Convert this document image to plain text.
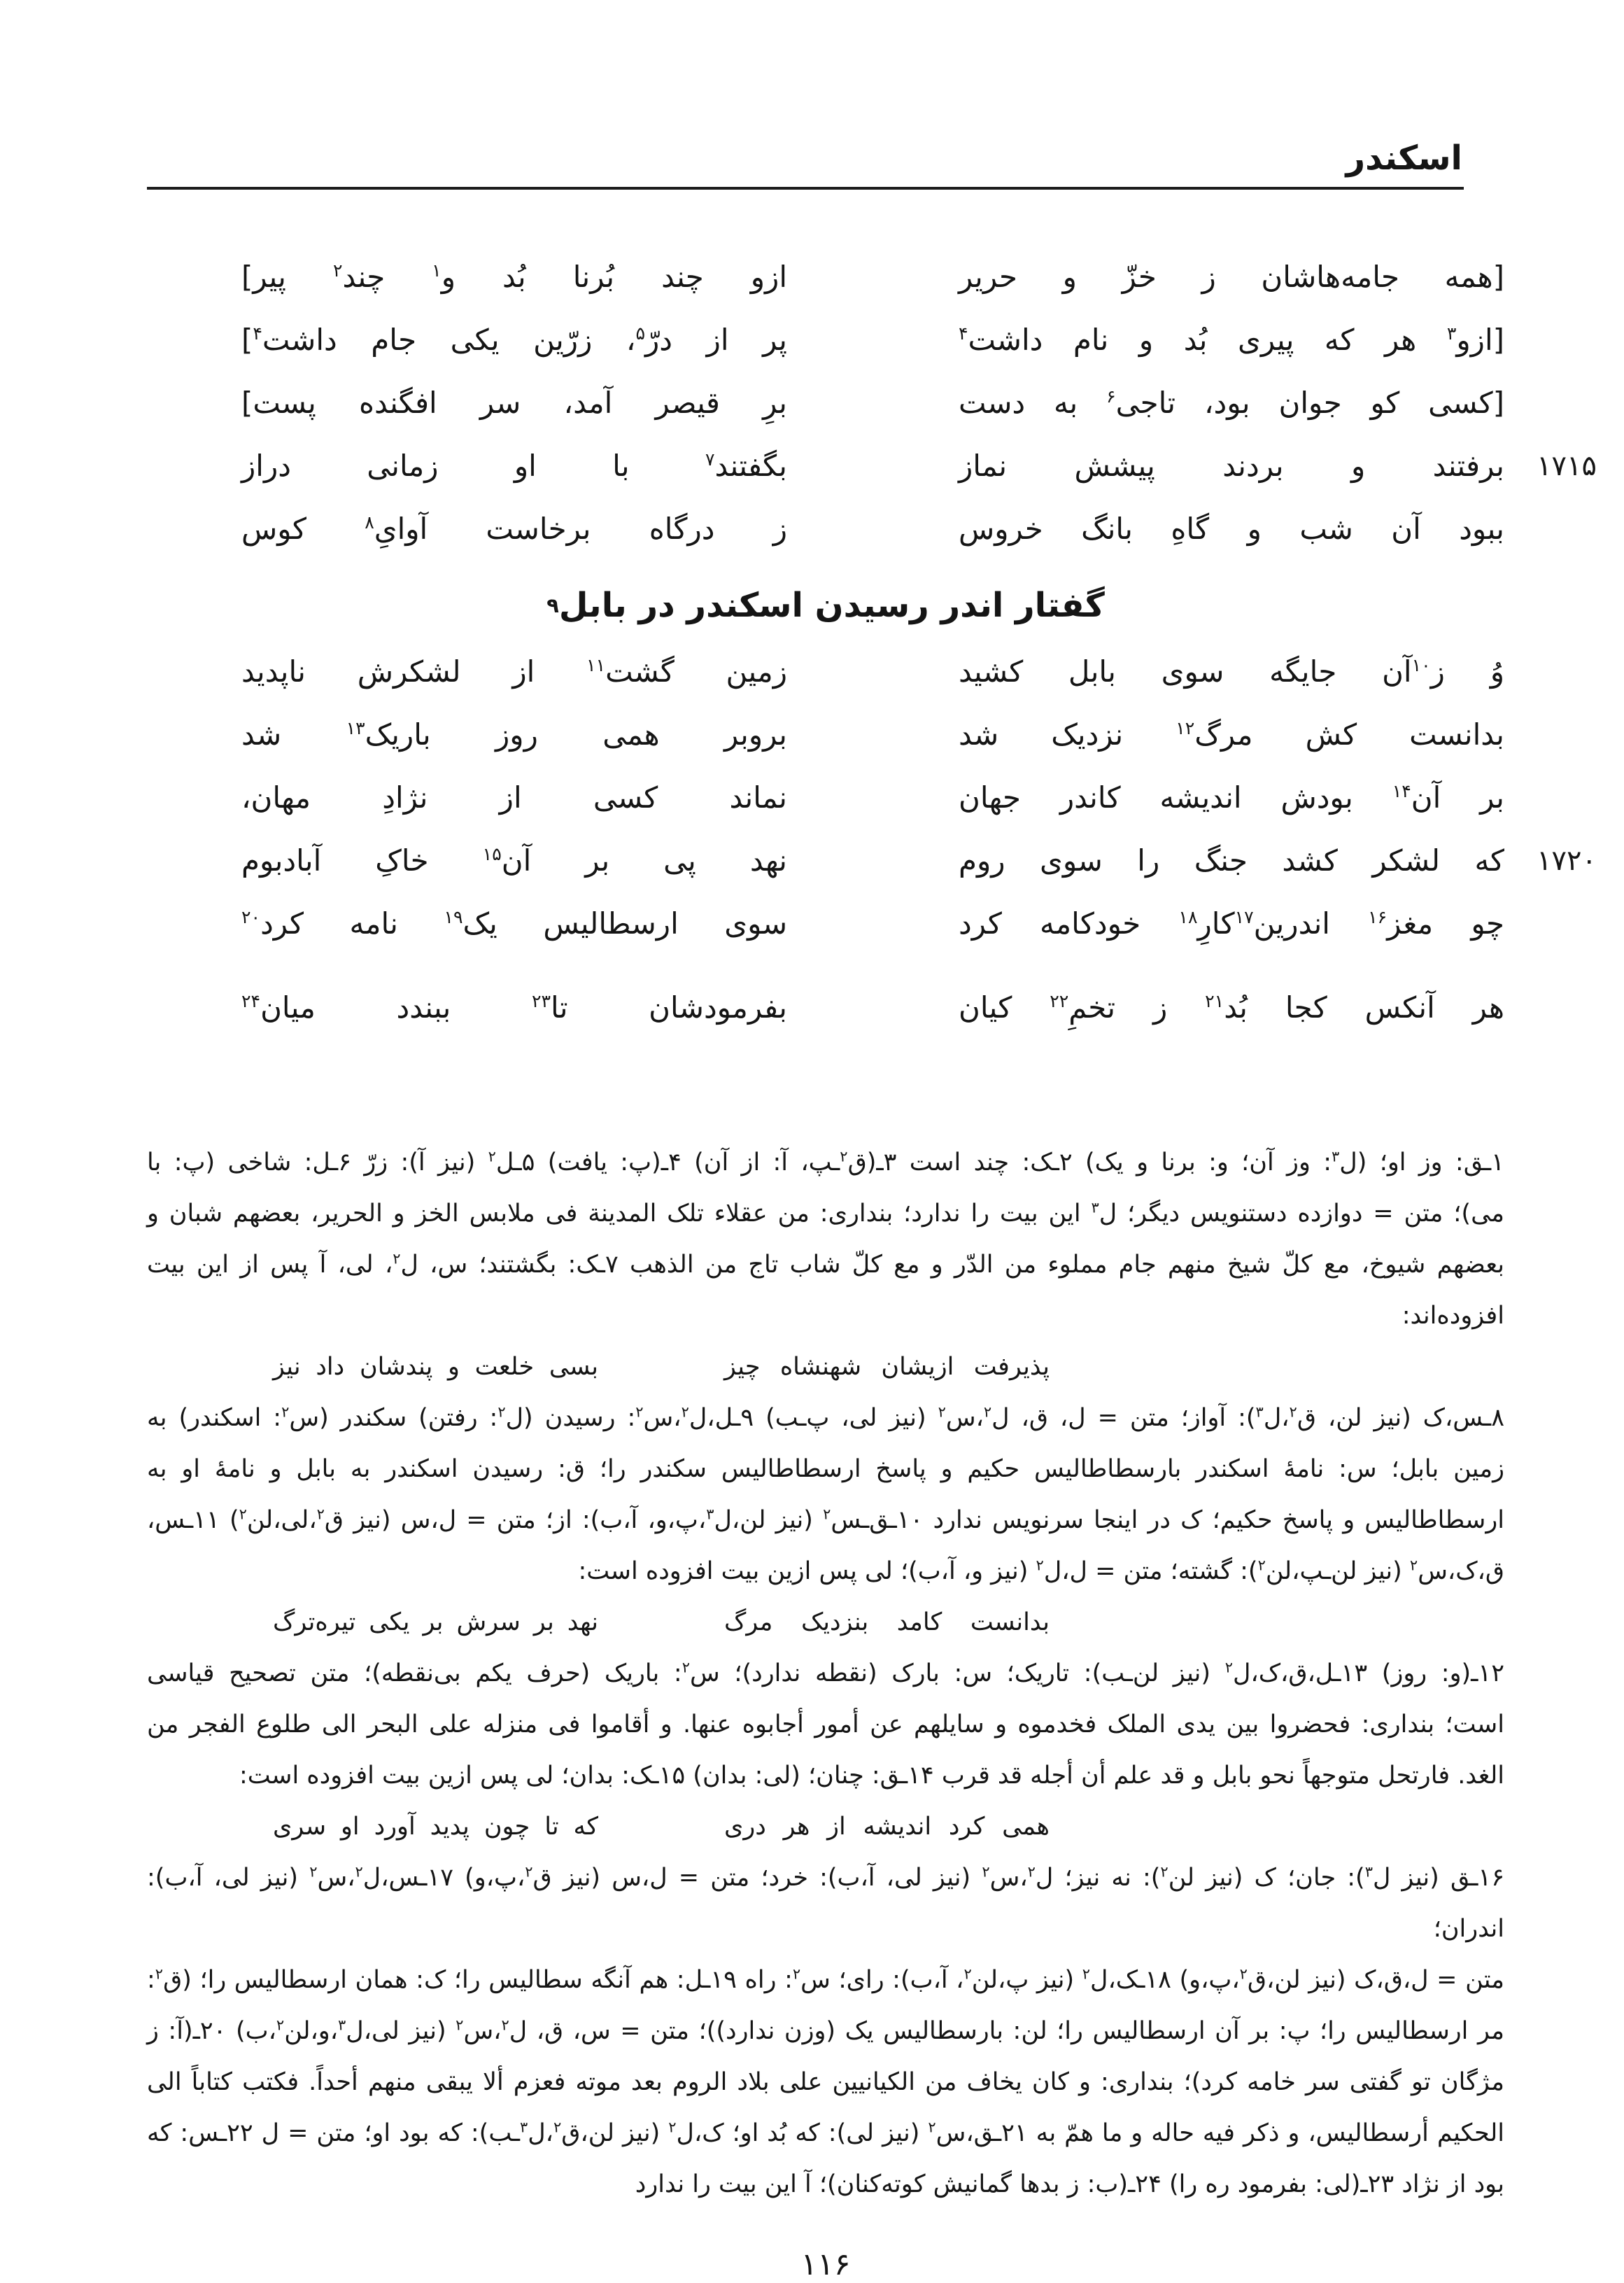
اسکندر
[همه جامه‌هاشان ز خزّ و حریر
ازو چند بُرنا بُد و$^۱$ چند$^۲$ پیر]
[ازو$^۳$ هر که پیری بُد و نام داشت$^۴$
پر از درّ$^۵$، زرّین یکی جام داشت$^۴$]
[کسی کو جوان بود، تاجی$^۶$ به دست
برِ قیصر آمد، سر افگنده پست]
۱۷۱۵
برفتند و بردند پیشش نماز
بگفتند$^۷$ با او زمانی دراز
ببود آن شب و گاهِ بانگ خروس
ز درگاه برخاست آوایِ$^۸$ کوس
گفتار اندر رسیدن اسکندر در بابل
۹
وُ ز$^{۱۰}$آن جایگه سوی بابل کشید
زمین گشت$^{۱۱}$ از لشکرش ناپدید
بدانست کش مرگ$^{۱۲}$ نزدیک شد
بروبر همی روز باریک$^{۱۳}$ شد
بر آن$^{۱۴}$ بودش اندیشه کاندر جهان
نماند کسی از نژادِ مهان،
۱۷۲۰
که لشکر کشد جنگ را سوی روم
نهد پی بر آن$^{۱۵}$ خاکِ آبادبوم
چو مغز$^{۱۶}$ اندرین$^{۱۷}$کارِ$^{۱۸}$ خودکامه کرد
سوی ارسطالیس یک$^{۱۹}$ نامه کرد$^{۲۰}$
هر آنکس کجا بُد$^{۲۱}$ ز تخمِ$^{۲۲}$ کیان
بفرمودشان تا$^{۲۳}$ ببندد میان$^{۲۴}$
۱ـق: وز او؛ (ل$^۳$: وز آن؛ و: برنا و یک) ۲ـک: چند است ۳ـ(ق$^۲$ـپ، آ: از آن) ۴ـ(پ: یافت) ۵ـل$^۲$ (نیز آ): زرّ ۶ـل: شاخی (پ: با
می)؛ متن = دوازده دستنویس دیگر؛ ل$^۳$ این بیت را ندارد؛ بنداری: من عقلاء تلک المدینة فی ملابس الخز و الحریر، بعضهم شبان و
بعضهم شیوخ، مع کلّ شیخ منهم جام مملوء من الدّر و مع کلّ شاب تاج من الذهب ۷ـک: بگشتند؛ س، ل$^۲$، لی، آ پس از این بیت افزوده‌اند:
پذیرفت ازیشان شهنشاه چیز
بسی خلعت و پندشان داد نیز
۸ـس،ک (نیز لن، ق$^۲$،ل$^۳$): آواز؛ متن = ل، ق، ل$^۲$،س$^۲$ (نیز لی، پ‌ـب) ۹ـل،ل$^۲$،س$^۲$: رسیدن (ل$^۲$: رفتن) سکندر (س$^۲$: اسکندر) به
زمین بابل؛ س: نامهٔ اسکندر بارسطاطالیس حکیم و پاسخ ارسطاطالیس سکندر را؛ ق: رسیدن اسکندر به بابل و نامهٔ او به
ارسطاطالیس و پاسخ حکیم؛ ک در اینجا سرنویس ندارد ۱۰ـق‌ـس$^۲$ (نیز لن،ل$^۳$،پ،و، آ،ب): از؛ متن = ل،س (نیز ق$^۲$،لی،لن$^۲$) ۱۱ـس،
ق،ک،س$^۲$ (نیز لن‌ـپ،لن$^۲$): گشته؛ متن = ل،ل$^۲$ (نیز و، آ،ب)؛ لی پس ازین بیت افزوده است:
بدانست کامد بنزدیک مرگ
نهد بر سرش بر یکی تیره‌ترگ
۱۲ـ(و: روز) ۱۳ـل،ق،ک،ل$^۲$ (نیز لن‌ـب): تاریک؛ س: بارک (نقطه ندارد)؛ س$^۲$: باریک (حرف یکم بی‌نقطه)؛ متن تصحیح قیاسی
است؛ بنداری: فحضروا بین یدی الملک فخدموه و سایلهم عن أمور أجابوه عنها. و أقاموا فی منزله علی البحر الی طلوع الفجر من
الغد. فارتحل متوجهاً نحو بابل و قد علم أن أجله قد قرب ۱۴ـق: چنان؛ (لی: بدان) ۱۵ـک: بدان؛ لی پس ازین بیت افزوده است:
همی کرد اندیشه از هر دری
که تا چون پدید آورد او سری
۱۶ـق (نیز ل$^۳$): جان؛ ک (نیز لن$^۲$): نه نیز؛ ل$^۲$،س$^۲$ (نیز لی، آ،ب): خرد؛ متن = ل،س (نیز ق$^۲$،پ،و) ۱۷ـس،ل$^۲$،س$^۲$ (نیز لی، آ،ب): اندران؛
متن = ل،ق،ک (نیز لن،ق$^۲$،پ،و) ۱۸ـک،ل$^۲$ (نیز پ،لن$^۲$، آ،ب): رای؛ س$^۲$: راه ۱۹ـل: هم آنگه سطالیس را؛ ک: همان ارسطالیس را؛ (ق$^۲$:
مر ارسطالیس را؛ پ: بر آن ارسطالیس را؛ لن: بارسطالیس یک (وزن ندارد))؛ متن = س، ق، ل$^۲$،س$^۲$ (نیز لی،ل$^۳$،و،لن$^۲$،ب) ۲۰ـ(آ: ز
مژگان تو گفتی سر خامه کرد)؛ بنداری: و کان یخاف من الکیانیین علی بلاد الروم بعد موته فعزم ألا یبقی منهم أحداً. فکتب کتاباً الی
الحکیم أرسطالیس، و ذکر فیه حاله و ما همّ به ۲۱ـق،س$^۲$ (نیز لی): که بُد او؛ ک،ل$^۲$ (نیز لن،ق$^۲$،ل$^۳$ـب): که بود او؛ متن = ل ۲۲ـس: که
بود از نژاد ۲۳ـ(لی: بفرمود ره را) ۲۴ـ(ب: ز بدها گمانیش کوته‌کنان)؛ آ این بیت را ندارد
۱۱۶
